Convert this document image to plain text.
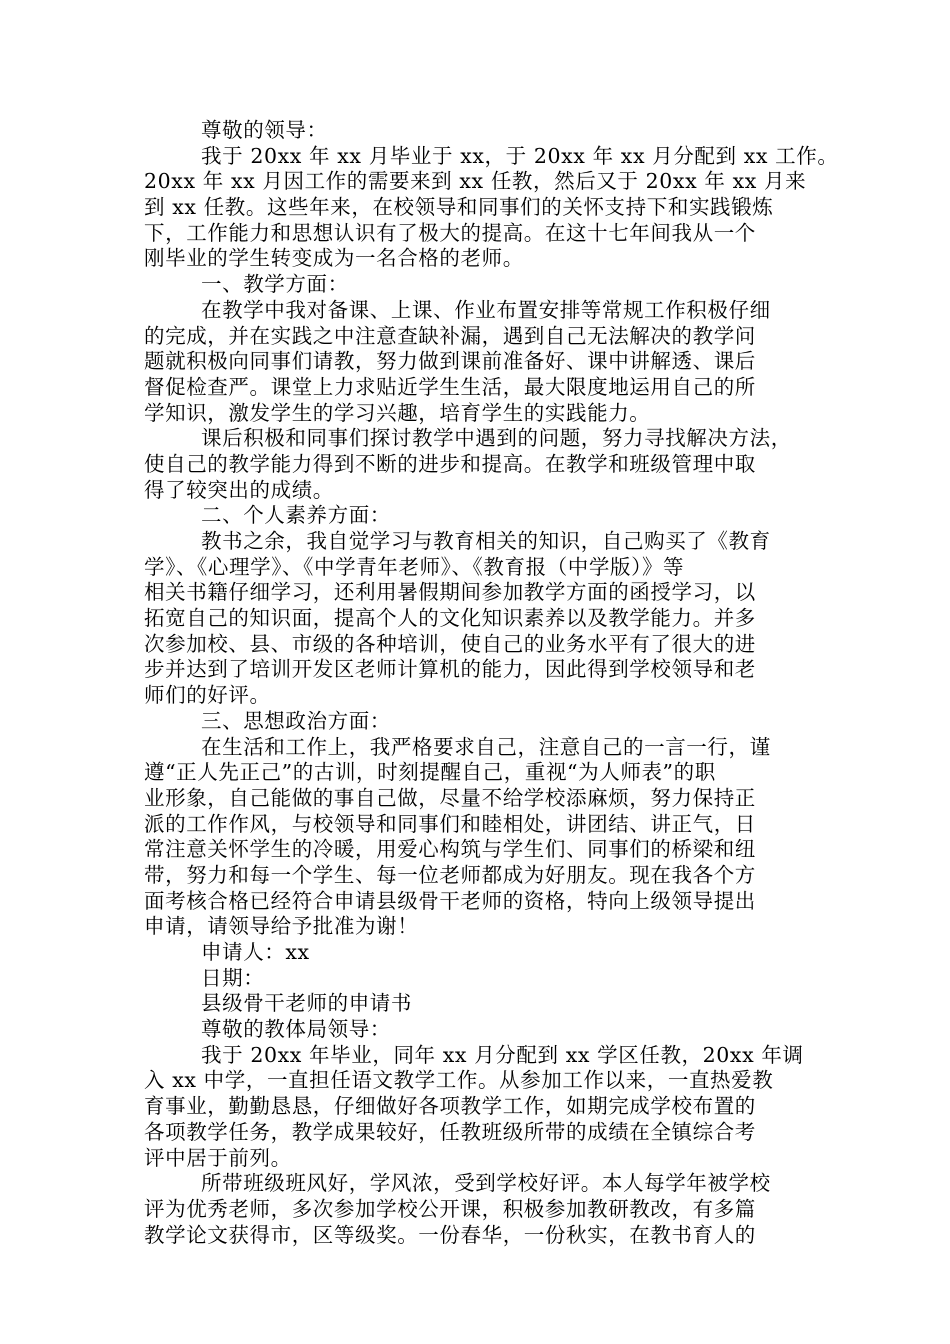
尊敬的领导：
我于 20xx 年 xx 月毕业于 xx，于 20xx 年 xx 月分配到 xx 工作。
20xx 年 xx 月因工作的需要来到 xx 任教，然后又于 20xx 年 xx 月来
到 xx 任教。这些年来，在校领导和同事们的关怀支持下和实践锻炼
下，工作能力和思想认识有了极大的提高。在这十七年间我从一个
刚毕业的学生转变成为一名合格的老师。
一、教学方面：
在教学中我对备课、上课、作业布置安排等常规工作积极仔细
的完成，并在实践之中注意查缺补漏，遇到自己无法解决的教学问
题就积极向同事们请教，努力做到课前准备好、课中讲解透、课后
督促检查严。课堂上力求贴近学生生活，最大限度地运用自己的所
学知识，激发学生的学习兴趣，培育学生的实践能力。
课后积极和同事们探讨教学中遇到的问题，努力寻找解决方法，
使自己的教学能力得到不断的进步和提高。在教学和班级管理中取
得了较突出的成绩。
二、个人素养方面：
教书之余，我自觉学习与教育相关的知识，自己购买了《教育
学》、《心理学》、《中学青年老师》、《教育报（中学版）》等
相关书籍仔细学习，还利用暑假期间参加教学方面的函授学习，以
拓宽自己的知识面，提高个人的文化知识素养以及教学能力。并多
次参加校、县、市级的各种培训，使自己的业务水平有了很大的进
步并达到了培训开发区老师计算机的能力，因此得到学校领导和老
师们的好评。
三、思想政治方面：
在生活和工作上，我严格要求自己，注意自己的一言一行，谨
遵“正人先正己”的古训，时刻提醒自己，重视“为人师表”的职
业形象，自己能做的事自己做，尽量不给学校添麻烦，努力保持正
派的工作作风，与校领导和同事们和睦相处，讲团结、讲正气，日
常注意关怀学生的冷暖，用爱心构筑与学生们、同事们的桥梁和纽
带，努力和每一个学生、每一位老师都成为好朋友。现在我各个方
面考核合格已经符合申请县级骨干老师的资格，特向上级领导提出
申请，请领导给予批准为谢！
申请人：xx
日期：
县级骨干老师的申请书
尊敬的教体局领导：
我于 20xx 年毕业，同年 xx 月分配到 xx 学区任教，20xx 年调
入 xx 中学，一直担任语文教学工作。从参加工作以来，一直热爱教
育事业，勤勤恳恳，仔细做好各项教学工作，如期完成学校布置的
各项教学任务，教学成果较好，任教班级所带的成绩在全镇综合考
评中居于前列。
所带班级班风好，学风浓，受到学校好评。本人每学年被学校
评为优秀老师，多次参加学校公开课，积极参加教研教改，有多篇
教学论文获得市，区等级奖。一份春华，一份秋实，在教书育人的
